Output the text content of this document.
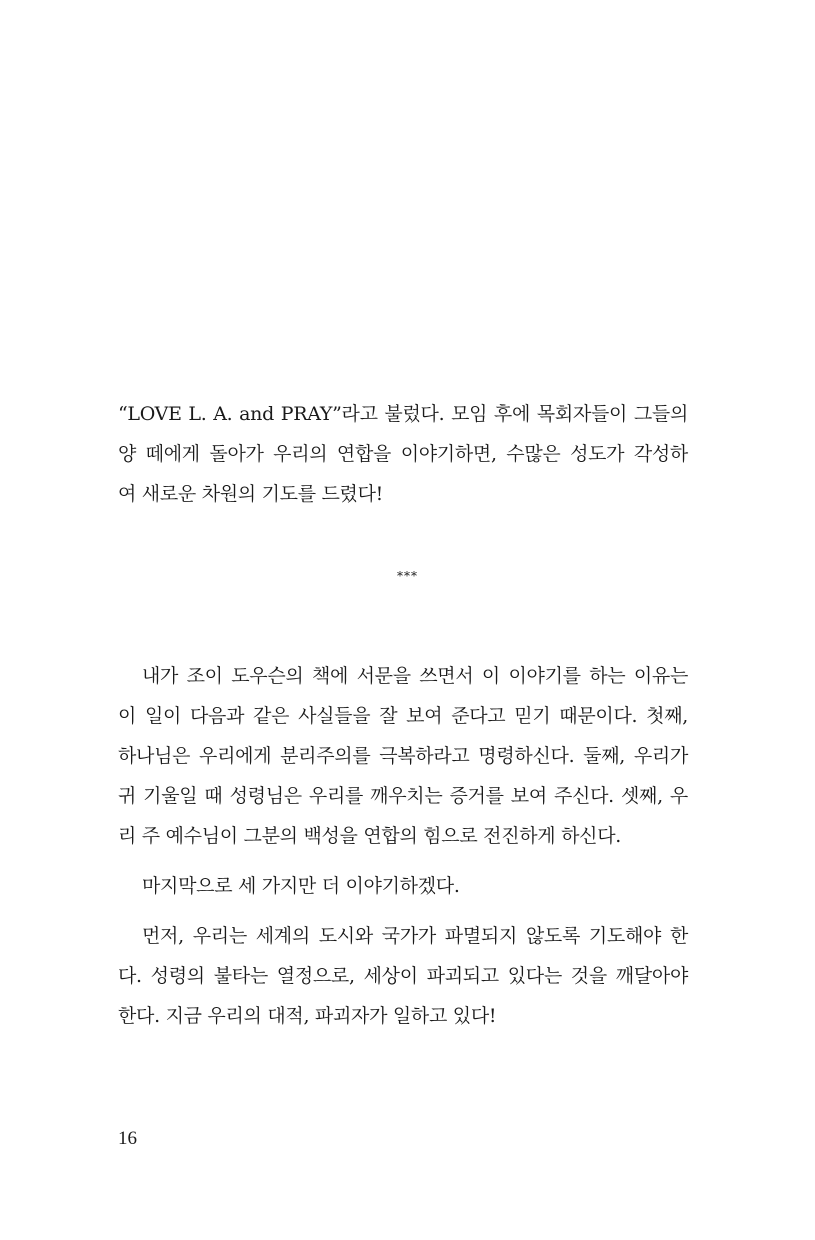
“LOVE L. A. and PRAY”라고 불렀다. 모임 후에 목회자들이 그들의
양 떼에게 돌아가 우리의 연합을 이야기하면, 수많은 성도가 각성하
여 새로운 차원의 기도를 드렸다!
***
내가 조이 도우슨의 책에 서문을 쓰면서 이 이야기를 하는 이유는
이 일이 다음과 같은 사실들을 잘 보여 준다고 믿기 때문이다. 첫째,
하나님은 우리에게 분리주의를 극복하라고 명령하신다. 둘째, 우리가
귀 기울일 때 성령님은 우리를 깨우치는 증거를 보여 주신다. 셋째, 우
리 주 예수님이 그분의 백성을 연합의 힘으로 전진하게 하신다.
마지막으로 세 가지만 더 이야기하겠다.
먼저, 우리는 세계의 도시와 국가가 파멸되지 않도록 기도해야 한
다. 성령의 불타는 열정으로, 세상이 파괴되고 있다는 것을 깨달아야
한다. 지금 우리의 대적, 파괴자가 일하고 있다!
16
